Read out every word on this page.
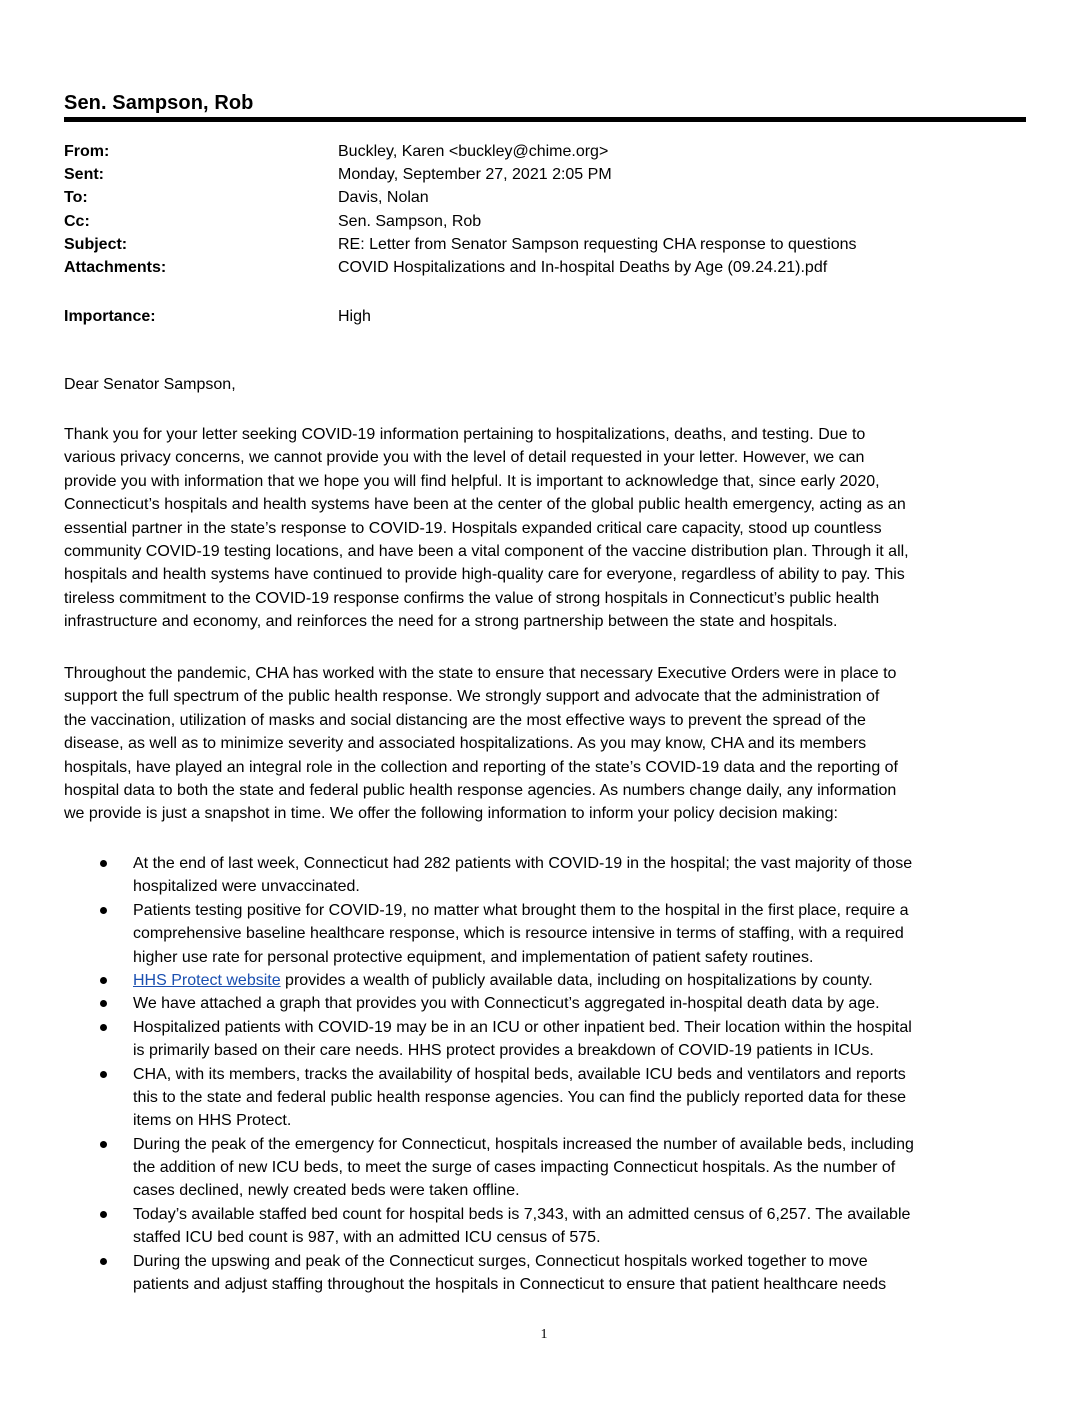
Sen. Sampson, Rob
From:	Buckley, Karen <buckley@chime.org>
Sent:	Monday, September 27, 2021 2:05 PM
To:	Davis, Nolan
Cc:	Sen. Sampson, Rob
Subject:	RE: Letter from Senator Sampson requesting CHA response to questions
Attachments:	COVID Hospitalizations and In-hospital Deaths by Age (09.24.21).pdf
Importance:	High
Dear Senator Sampson,
Thank you for your letter seeking COVID-19 information pertaining to hospitalizations, deaths, and testing. Due to
various privacy concerns, we cannot provide you with the level of detail requested in your letter. However, we can
provide you with information that we hope you will find helpful. It is important to acknowledge that, since early 2020,
Connecticut’s hospitals and health systems have been at the center of the global public health emergency, acting as an
essential partner in the state’s response to COVID-19. Hospitals expanded critical care capacity, stood up countless
community COVID-19 testing locations, and have been a vital component of the vaccine distribution plan. Through it all,
hospitals and health systems have continued to provide high-quality care for everyone, regardless of ability to pay. This
tireless commitment to the COVID-19 response confirms the value of strong hospitals in Connecticut’s public health
infrastructure and economy, and reinforces the need for a strong partnership between the state and hospitals.
Throughout the pandemic, CHA has worked with the state to ensure that necessary Executive Orders were in place to
support the full spectrum of the public health response. We strongly support and advocate that the administration of
the vaccination, utilization of masks and social distancing are the most effective ways to prevent the spread of the
disease, as well as to minimize severity and associated hospitalizations. As you may know, CHA and its members
hospitals, have played an integral role in the collection and reporting of the state’s COVID-19 data and the reporting of
hospital data to both the state and federal public health response agencies. As numbers change daily, any information
we provide is just a snapshot in time. We offer the following information to inform your policy decision making:
At the end of last week, Connecticut had 282 patients with COVID-19 in the hospital; the vast majority of those
hospitalized were unvaccinated.
Patients testing positive for COVID-19, no matter what brought them to the hospital in the first place, require a
comprehensive baseline healthcare response, which is resource intensive in terms of staffing, with a required
higher use rate for personal protective equipment, and implementation of patient safety routines.
HHS Protect website provides a wealth of publicly available data, including on hospitalizations by county.
We have attached a graph that provides you with Connecticut’s aggregated in-hospital death data by age.
Hospitalized patients with COVID-19 may be in an ICU or other inpatient bed. Their location within the hospital
is primarily based on their care needs. HHS protect provides a breakdown of COVID-19 patients in ICUs.
CHA, with its members, tracks the availability of hospital beds, available ICU beds and ventilators and reports
this to the state and federal public health response agencies. You can find the publicly reported data for these
items on HHS Protect.
During the peak of the emergency for Connecticut, hospitals increased the number of available beds, including
the addition of new ICU beds, to meet the surge of cases impacting Connecticut hospitals. As the number of
cases declined, newly created beds were taken offline.
Today’s available staffed bed count for hospital beds is 7,343, with an admitted census of 6,257. The available
staffed ICU bed count is 987, with an admitted ICU census of 575.
During the upswing and peak of the Connecticut surges, Connecticut hospitals worked together to move
patients and adjust staffing throughout the hospitals in Connecticut to ensure that patient healthcare needs
1
